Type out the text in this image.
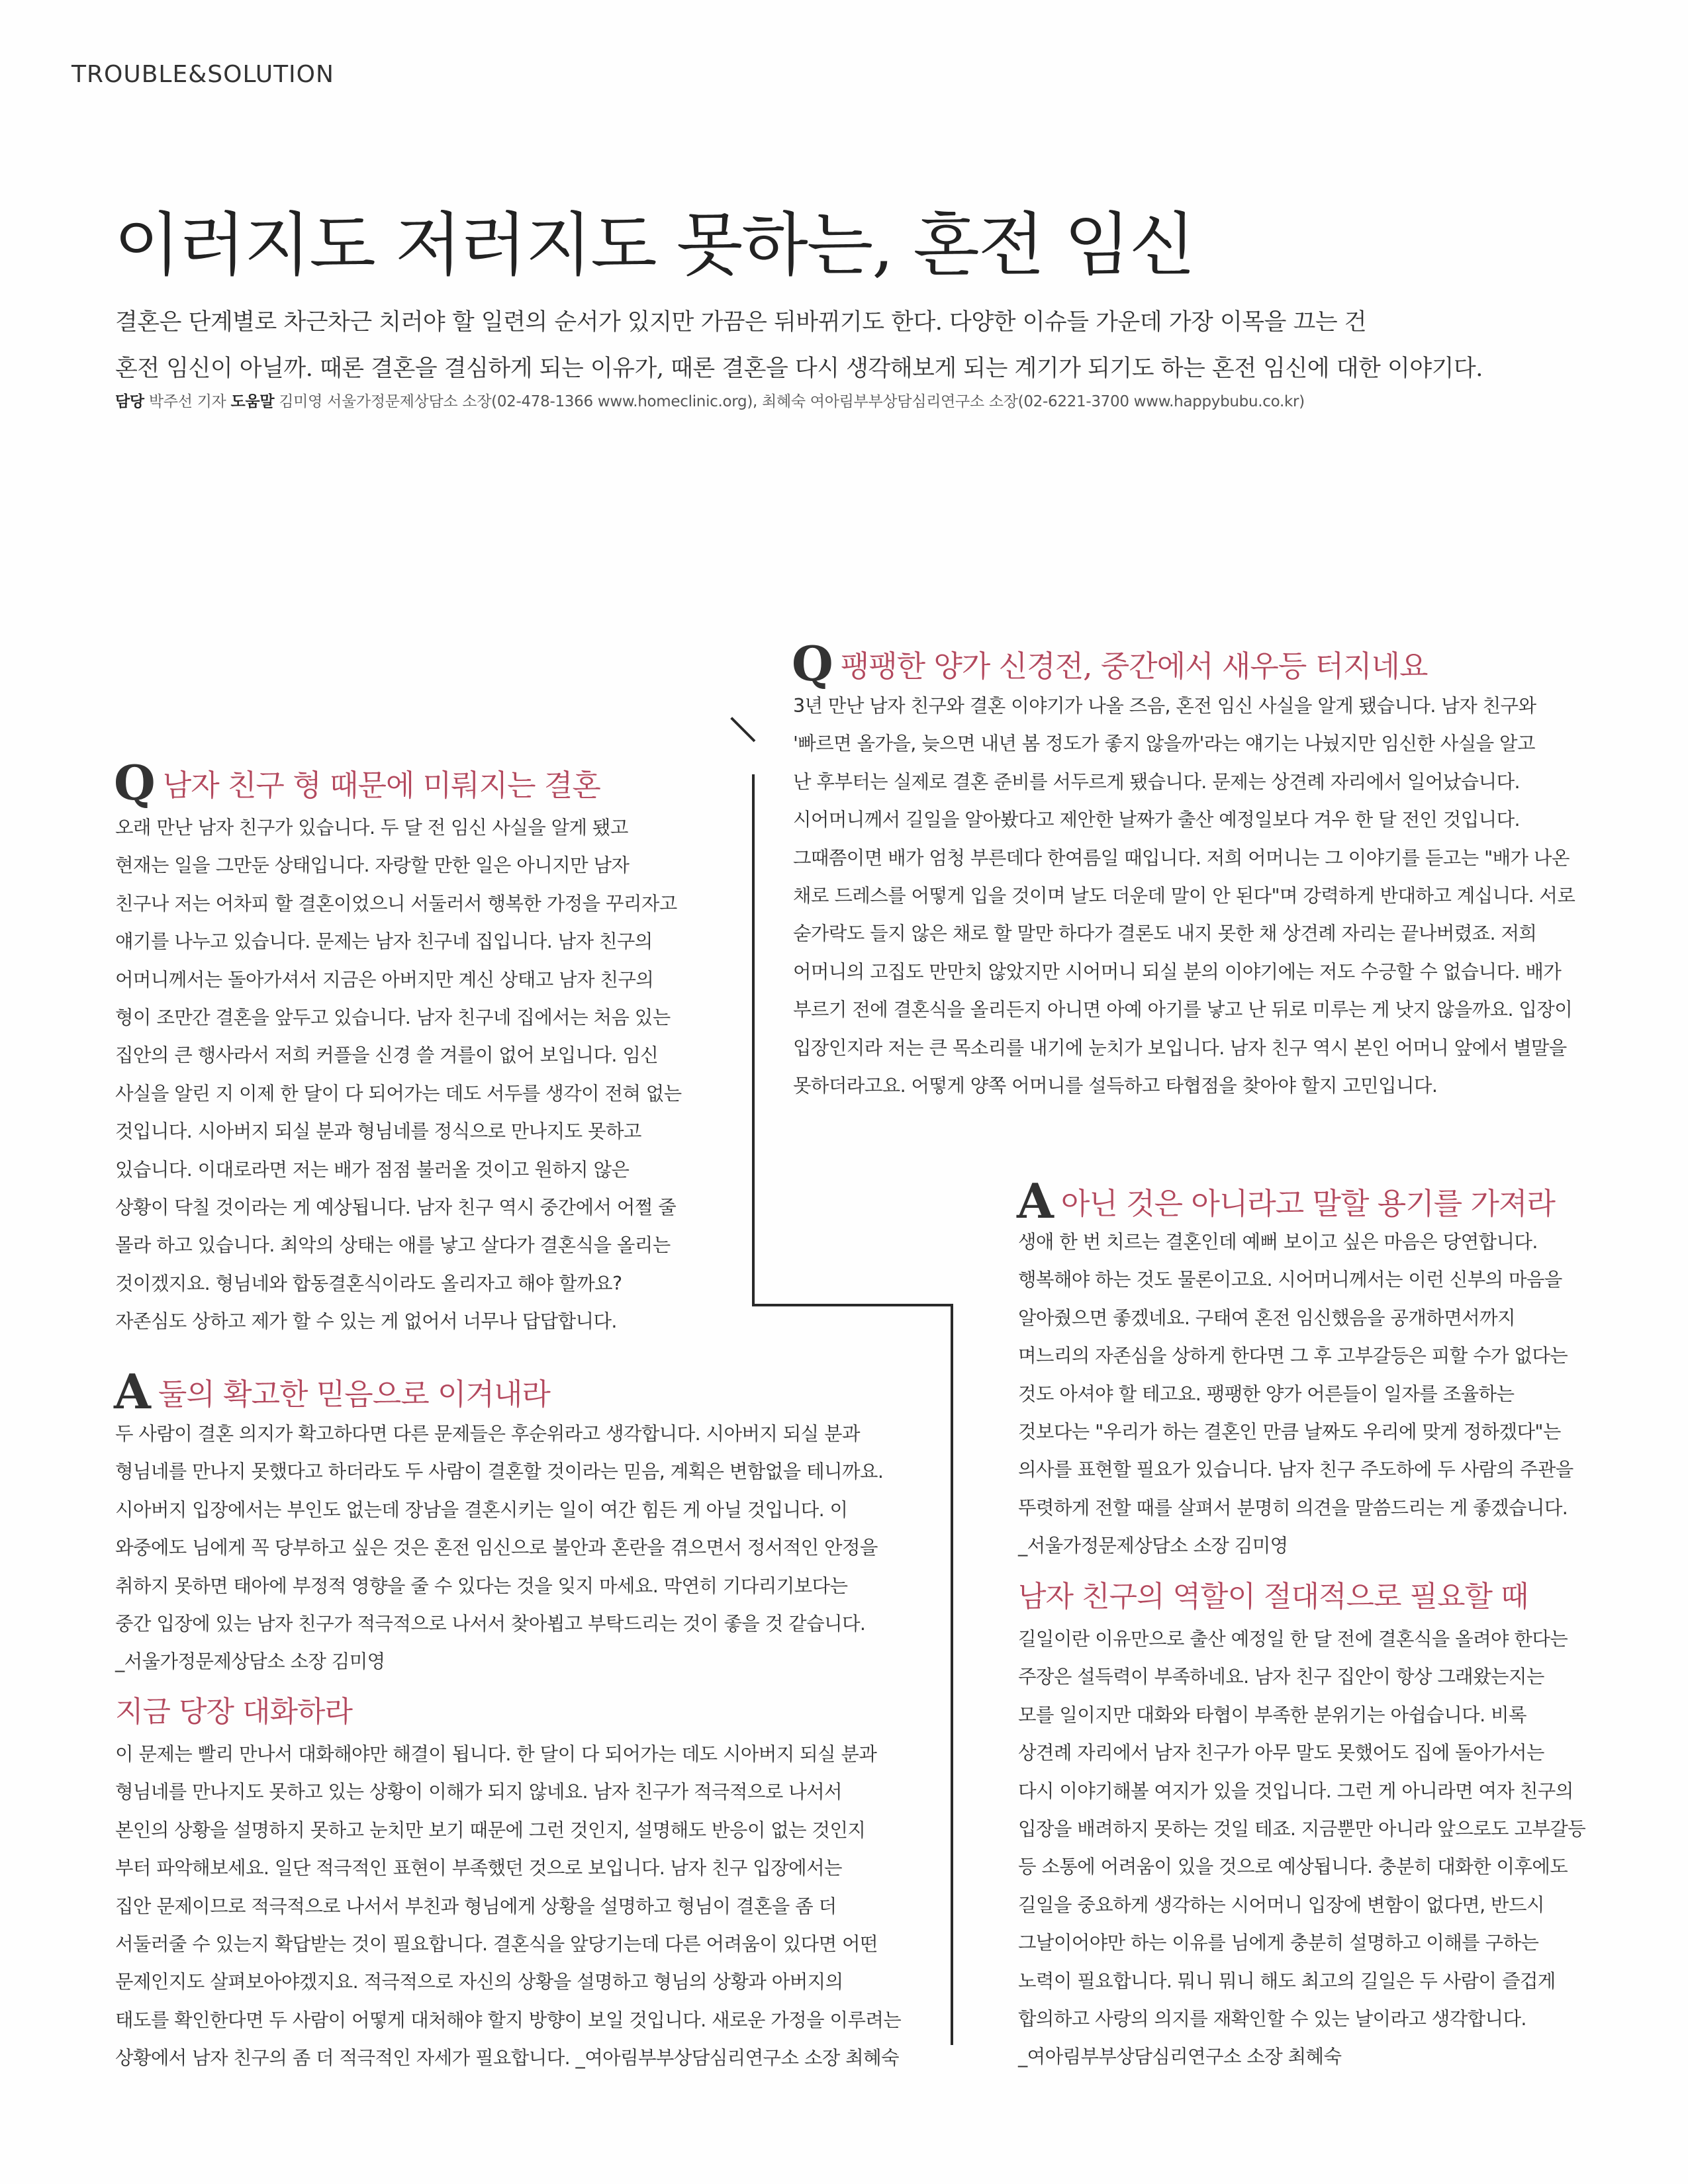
TROUBLE&SOLUTION
이러지도 저러지도 못하는, 혼전 임신

결혼은 단계별로 차근차근 치러야 할 일련의 순서가 있지만 가끔은 뒤바뀌기도 한다. 다양한 이슈들 가운데 가장 이목을 끄는 건

혼전 임신이 아닐까. 때론 결혼을 결심하게 되는 이유가, 때론 결혼을 다시 생각해보게 되는 계기가 되기도 하는 혼전 임신에 대한 이야기다.

담당 박주선 기자 도움말 김미영 서울가정문제상담소 소장(02-478-1366 www.homeclinic.org), 최혜숙 여아림부부상담심리연구소 소장(02-6221-3700 www.happybubu.co.kr)
Q남자 친구 형 때문에 미뤄지는 결혼
오래 만난 남자 친구가 있습니다. 두 달 전 임신 사실을 알게 됐고
현재는 일을 그만둔 상태입니다. 자랑할 만한 일은 아니지만 남자
친구나 저는 어차피 할 결혼이었으니 서둘러서 행복한 가정을 꾸리자고
얘기를 나누고 있습니다. 문제는 남자 친구네 집입니다. 남자 친구의
어머니께서는 돌아가셔서 지금은 아버지만 계신 상태고 남자 친구의
형이 조만간 결혼을 앞두고 있습니다. 남자 친구네 집에서는 처음 있는
집안의 큰 행사라서 저희 커플을 신경 쓸 겨를이 없어 보입니다. 임신
사실을 알린 지 이제 한 달이 다 되어가는 데도 서두를 생각이 전혀 없는
것입니다. 시아버지 되실 분과 형님네를 정식으로 만나지도 못하고
있습니다. 이대로라면 저는 배가 점점 불러올 것이고 원하지 않은
상황이 닥칠 것이라는 게 예상됩니다. 남자 친구 역시 중간에서 어쩔 줄
몰라 하고 있습니다. 최악의 상태는 애를 낳고 살다가 결혼식을 올리는
것이겠지요. 형님네와 합동결혼식이라도 올리자고 해야 할까요?
자존심도 상하고 제가 할 수 있는 게 없어서 너무나 답답합니다.
A둘의 확고한 믿음으로 이겨내라
두 사람이 결혼 의지가 확고하다면 다른 문제들은 후순위라고 생각합니다. 시아버지 되실 분과
형님네를 만나지 못했다고 하더라도 두 사람이 결혼할 것이라는 믿음, 계획은 변함없을 테니까요.
시아버지 입장에서는 부인도 없는데 장남을 결혼시키는 일이 여간 힘든 게 아닐 것입니다. 이
와중에도 님에게 꼭 당부하고 싶은 것은 혼전 임신으로 불안과 혼란을 겪으면서 정서적인 안정을
취하지 못하면 태아에 부정적 영향을 줄 수 있다는 것을 잊지 마세요. 막연히 기다리기보다는
중간 입장에 있는 남자 친구가 적극적으로 나서서 찾아뵙고 부탁드리는 것이 좋을 것 같습니다.
_서울가정문제상담소 소장 김미영
지금 당장 대화하라
이 문제는 빨리 만나서 대화해야만 해결이 됩니다. 한 달이 다 되어가는 데도 시아버지 되실 분과
형님네를 만나지도 못하고 있는 상황이 이해가 되지 않네요. 남자 친구가 적극적으로 나서서
본인의 상황을 설명하지 못하고 눈치만 보기 때문에 그런 것인지, 설명해도 반응이 없는 것인지
부터 파악해보세요. 일단 적극적인 표현이 부족했던 것으로 보입니다. 남자 친구 입장에서는
집안 문제이므로 적극적으로 나서서 부친과 형님에게 상황을 설명하고 형님이 결혼을 좀 더
서둘러줄 수 있는지 확답받는 것이 필요합니다. 결혼식을 앞당기는데 다른 어려움이 있다면 어떤
문제인지도 살펴보아야겠지요. 적극적으로 자신의 상황을 설명하고 형님의 상황과 아버지의
태도를 확인한다면 두 사람이 어떻게 대처해야 할지 방향이 보일 것입니다. 새로운 가정을 이루려는
상황에서 남자 친구의 좀 더 적극적인 자세가 필요합니다. _여아림부부상담심리연구소 소장 최혜숙
Q팽팽한 양가 신경전, 중간에서 새우등 터지네요
3년 만난 남자 친구와 결혼 이야기가 나올 즈음, 혼전 임신 사실을 알게 됐습니다. 남자 친구와
'빠르면 올가을, 늦으면 내년 봄 정도가 좋지 않을까'라는 얘기는 나눴지만 임신한 사실을 알고
난 후부터는 실제로 결혼 준비를 서두르게 됐습니다. 문제는 상견례 자리에서 일어났습니다.
시어머니께서 길일을 알아봤다고 제안한 날짜가 출산 예정일보다 겨우 한 달 전인 것입니다.
그때쯤이면 배가 엄청 부른데다 한여름일 때입니다. 저희 어머니는 그 이야기를 듣고는 "배가 나온
채로 드레스를 어떻게 입을 것이며 날도 더운데 말이 안 된다"며 강력하게 반대하고 계십니다. 서로
숟가락도 들지 않은 채로 할 말만 하다가 결론도 내지 못한 채 상견례 자리는 끝나버렸죠. 저희
어머니의 고집도 만만치 않았지만 시어머니 되실 분의 이야기에는 저도 수긍할 수 없습니다. 배가
부르기 전에 결혼식을 올리든지 아니면 아예 아기를 낳고 난 뒤로 미루는 게 낫지 않을까요. 입장이
입장인지라 저는 큰 목소리를 내기에 눈치가 보입니다. 남자 친구 역시 본인 어머니 앞에서 별말을
못하더라고요. 어떻게 양쪽 어머니를 설득하고 타협점을 찾아야 할지 고민입니다.
A아닌 것은 아니라고 말할 용기를 가져라
생애 한 번 치르는 결혼인데 예뻐 보이고 싶은 마음은 당연합니다.
행복해야 하는 것도 물론이고요. 시어머니께서는 이런 신부의 마음을
알아줬으면 좋겠네요. 구태여 혼전 임신했음을 공개하면서까지
며느리의 자존심을 상하게 한다면 그 후 고부갈등은 피할 수가 없다는
것도 아셔야 할 테고요. 팽팽한 양가 어른들이 일자를 조율하는
것보다는 "우리가 하는 결혼인 만큼 날짜도 우리에 맞게 정하겠다"는
의사를 표현할 필요가 있습니다. 남자 친구 주도하에 두 사람의 주관을
뚜렷하게 전할 때를 살펴서 분명히 의견을 말씀드리는 게 좋겠습니다.
_서울가정문제상담소 소장 김미영
남자 친구의 역할이 절대적으로 필요할 때
길일이란 이유만으로 출산 예정일 한 달 전에 결혼식을 올려야 한다는
주장은 설득력이 부족하네요. 남자 친구 집안이 항상 그래왔는지는
모를 일이지만 대화와 타협이 부족한 분위기는 아쉽습니다. 비록
상견례 자리에서 남자 친구가 아무 말도 못했어도 집에 돌아가서는
다시 이야기해볼 여지가 있을 것입니다. 그런 게 아니라면 여자 친구의
입장을 배려하지 못하는 것일 테죠. 지금뿐만 아니라 앞으로도 고부갈등
등 소통에 어려움이 있을 것으로 예상됩니다. 충분히 대화한 이후에도
길일을 중요하게 생각하는 시어머니 입장에 변함이 없다면, 반드시
그날이어야만 하는 이유를 님에게 충분히 설명하고 이해를 구하는
노력이 필요합니다. 뭐니 뭐니 해도 최고의 길일은 두 사람이 즐겁게
합의하고 사랑의 의지를 재확인할 수 있는 날이라고 생각합니다.
_여아림부부상담심리연구소 소장 최혜숙
